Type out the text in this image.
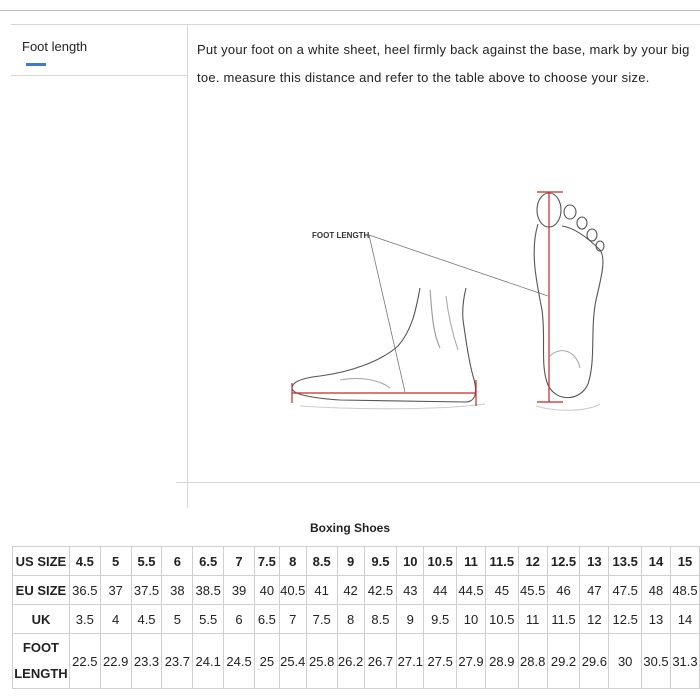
Foot length	Put your foot on a white sheet, heel firmly back against the base, mark by your big toe. measure this distance and refer to the table above to choose your size.
FOOT LENGTH
Boxing Shoes
US SIZE	4.5	5	5.5	6	6.5	7	7.5	8	8.5	9	9.5	10	10.5	11	11.5	12	12.5	13	13.5	14	15
EU SIZE	36.5	37	37.5	38	38.5	39	40	40.5	41	42	42.5	43	44	44.5	45	45.5	46	47	47.5	48	48.5
UK	3.5	4	4.5	5	5.5	6	6.5	7	7.5	8	8.5	9	9.5	10	10.5	11	11.5	12	12.5	13	14

FOOT
LENGTH	22.5	22.9	23.3	23.7	24.1	24.5	25	25.4	25.8	26.2	26.7	27.1	27.5	27.9	28.9	28.8	29.2	29.6	30	30.5	31.3
